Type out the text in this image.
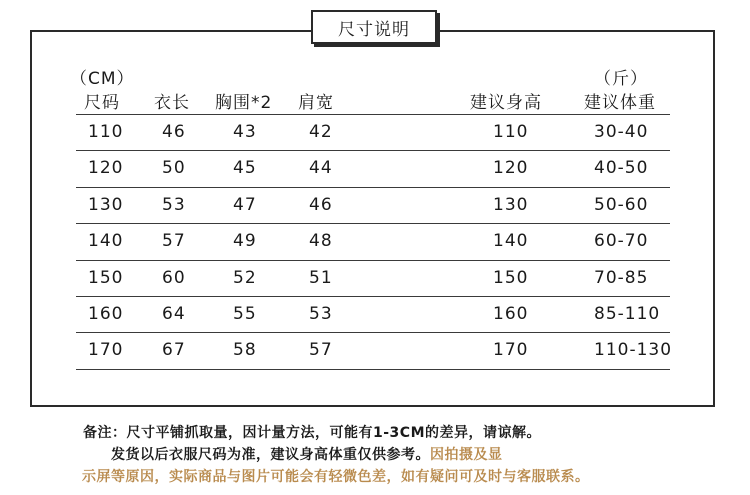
尺寸说明
（CM）	（斤）
尺码 衣长 胸围*2 肩宽	建议身高 建议体重
110 46	43	42	110	30-40
120 50	45	44	120	40-50
130 53	47	46	130	50-60
140 57	49	48	140	60-70
150 60	52	51	150	70-85
160 64	55	53	160	85-110
170 67	58	57	170	110-130
备注：尺寸平铺抓取量，因计量方法，可能有1-3CM的差异，请谅解。
发货以后衣服尺码为准，建议身高体重仅供参考。因拍摄及显
示屏等原因，实际商品与图片可能会有轻微色差，如有疑问可及时与客服联系。
